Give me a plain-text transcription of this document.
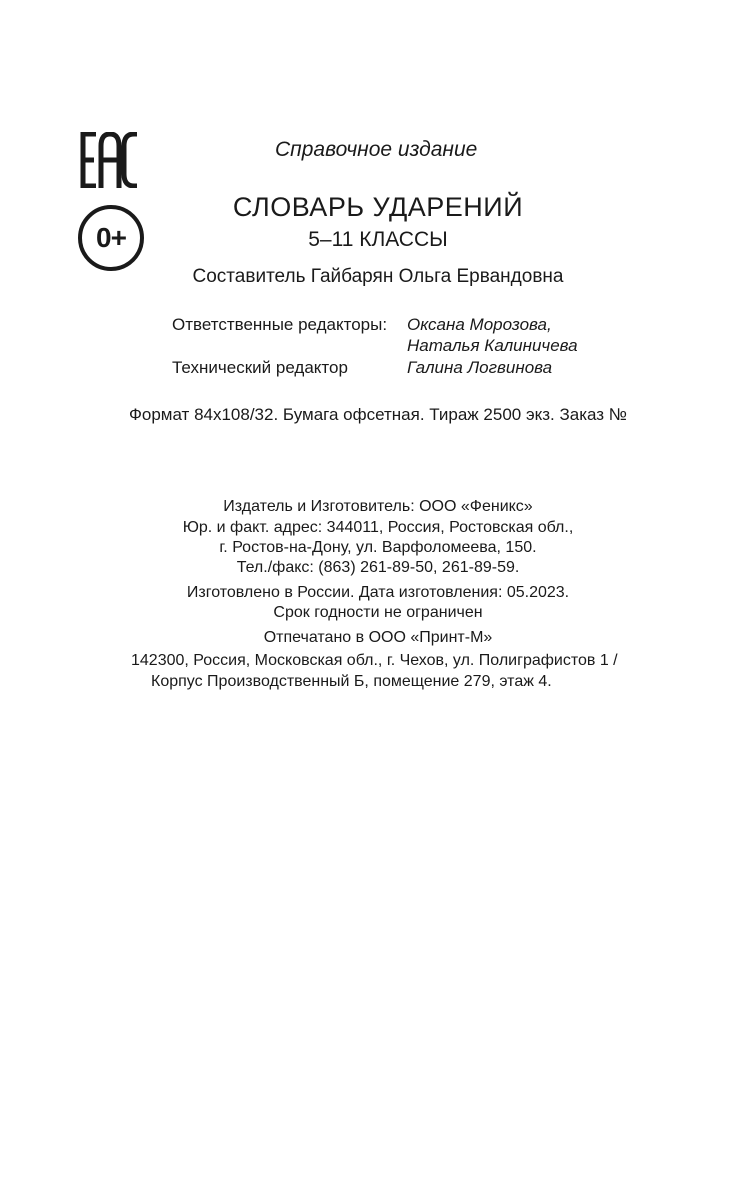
0+
Справочное издание
СЛОВАРЬ УДАРЕНИЙ
5–11 КЛАССЫ
Составитель Гайбарян Ольга Ервандовна
Ответственные редакторы: Оксана Морозова,
Наталья Калиничева
Технический редактор	Галина Логвинова
Формат 84x108/32. Бумага офсетная. Тираж 2500 экз. Заказ №
Издатель и Изготовитель: ООО «Феникс»
Юр. и факт. адрес: 344011, Россия, Ростовская обл.,
г. Ростов-на-Дону, ул. Варфоломеева, 150.
Тел./факс: (863) 261-89-50, 261-89-59.
Изготовлено в России. Дата изготовления: 05.2023.
Срок годности не ограничен
Отпечатано в ООО «Принт-М»
142300, Россия, Московская обл., г. Чехов, ул. Полиграфистов 1 /
Корпус Производственный Б, помещение 279, этаж 4.
